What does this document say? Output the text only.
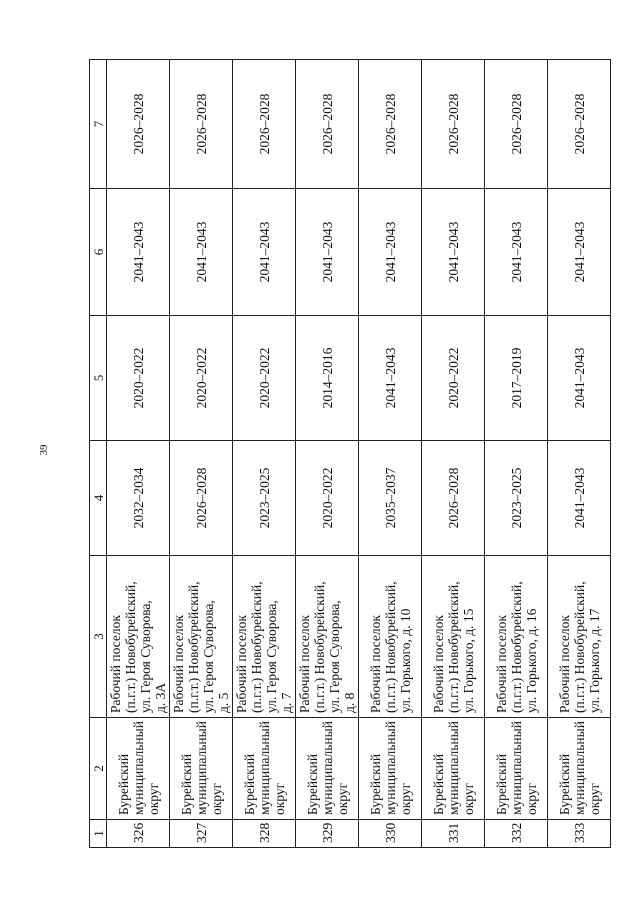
39
1	2	3	4	5	6	7
326	Бурейский муниципальный округ	Рабочий поселок (п.г.т.) Новобурейский, ул. Героя Суворова, д. 3А	2032–2034	2020–2022	2041–2043	2026–2028
327	Бурейский муниципальный округ	Рабочий поселок (п.г.т.) Новобурейский, ул. Героя Суворова, д. 5	2026–2028	2020–2022	2041–2043	2026–2028
328	Бурейский муниципальный округ	Рабочий поселок (п.г.т.) Новобурейский, ул. Героя Суворова, д. 7	2023–2025	2020–2022	2041–2043	2026–2028
329	Бурейский муниципальный округ	Рабочий поселок (п.г.т.) Новобурейский, ул. Героя Суворова, д. 8	2020–2022	2014–2016	2041–2043	2026–2028
330	Бурейский муниципальный округ	Рабочий поселок (п.г.т.) Новобурейский, ул. Горького, д. 10	2035–2037	2041–2043	2041–2043	2026–2028
331	Бурейский муниципальный округ	Рабочий поселок (п.г.т.) Новобурейский, ул. Горького, д. 15	2026–2028	2020–2022	2041–2043	2026–2028
332	Бурейский муниципальный округ	Рабочий поселок (п.г.т.) Новобурейский, ул. Горького, д. 16	2023–2025	2017–2019	2041–2043	2026–2028
333	Бурейский муниципальный округ	Рабочий поселок (п.г.т.) Новобурейский, ул. Горького, д. 17	2041–2043	2041–2043	2041–2043	2026–2028
